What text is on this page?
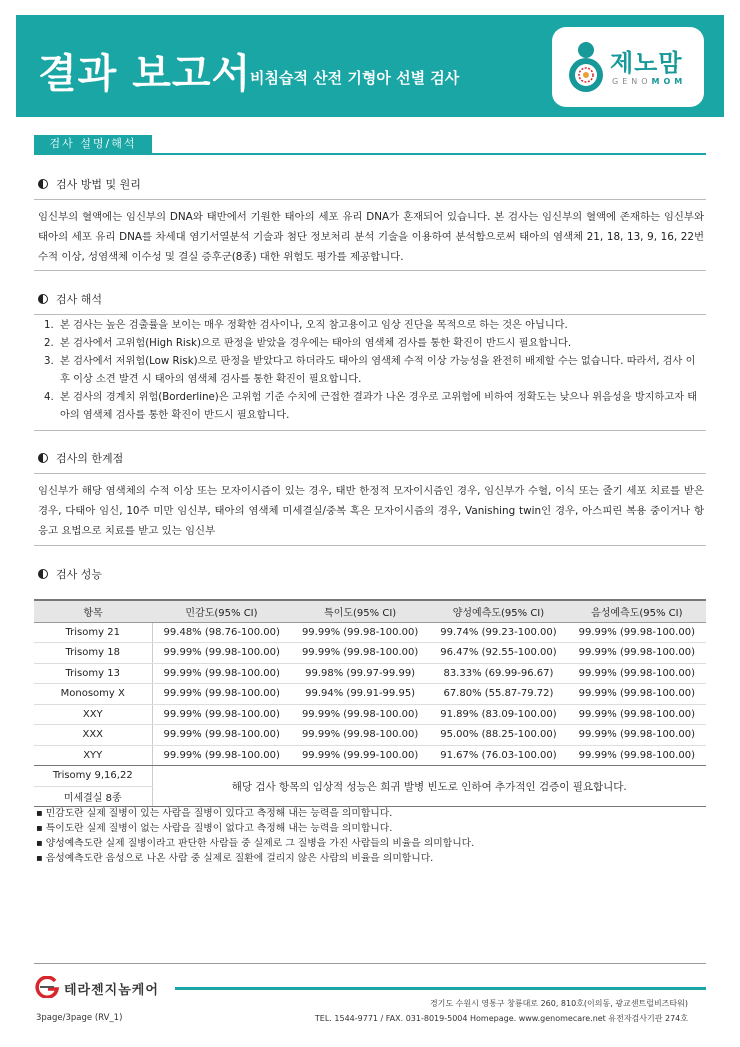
결과 보고서
비침습적 산전 기형아 선별 검사
제노맘
GENOMOM
검사 설명/해석
검사 방법 및 원리
임신부의 혈액에는 임신부의 DNA와 태반에서 기원한 태아의 세포 유리 DNA가 혼재되어 있습니다. 본 검사는 임신부의 혈액에 존재하는 임신부와 태아의 세포 유리 DNA를 차세대 염기서열분석 기술과 첨단 정보처리 분석 기술을 이용하여 분석함으로써 태아의 염색체 21, 18, 13, 9, 16, 22번 수적 이상, 성염색체 이수성 및 결실 증후군(8종) 대한 위험도 평가를 제공합니다.
검사 해석
1. 본 검사는 높은 검출률을 보이는 매우 정확한 검사이나, 오직 참고용이고 임상 진단을 목적으로 하는 것은 아닙니다.
2. 본 검사에서 고위험(High Risk)으로 판정을 받았을 경우에는 태아의 염색체 검사를 통한 확진이 반드시 필요합니다.
3. 본 검사에서 저위험(Low Risk)으로 판정을 받았다고 하더라도 태아의 염색체 수적 이상 가능성을 완전히 배제할 수는 없습니다. 따라서, 검사 이후 이상 소견 발견 시 태아의 염색체 검사를 통한 확진이 필요합니다.
4. 본 검사의 경계치 위험(Borderline)은 고위험 기준 수치에 근접한 결과가 나온 경우로 고위험에 비하여 정확도는 낮으나 위음성을 방지하고자 태아의 염색체 검사를 통한 확진이 반드시 필요합니다.
검사의 한계점
임신부가 해당 염색체의 수적 이상 또는 모자이시즘이 있는 경우, 태반 한정적 모자이시즘인 경우, 임신부가 수혈, 이식 또는 줄기 세포 치료를 받은 경우, 다태아 임신, 10주 미만 임신부, 태아의 염색체 미세결실/중복 혹은 모자이시즘의 경우, Vanishing twin인 경우, 아스피린 복용 중이거나 항 응고 요법으로 치료를 받고 있는 임신부
검사 성능
항목	민감도(95% CI)	특이도(95% CI)	양성예측도(95% CI)	음성예측도(95% CI)
Trisomy 21	99.48% (98.76-100.00)	99.99% (99.98-100.00)	99.74% (99.23-100.00)	99.99% (99.98-100.00)
Trisomy 18	99.99% (99.98-100.00)	99.99% (99.98-100.00)	96.47% (92.55-100.00)	99.99% (99.98-100.00)
Trisomy 13	99.99% (99.98-100.00)	99.98% (99.97-99.99)	83.33% (69.99-96.67)	99.99% (99.98-100.00)
Monosomy X	99.99% (99.98-100.00)	99.94% (99.91-99.95)	67.80% (55.87-79.72)	99.99% (99.98-100.00)
XXY	99.99% (99.98-100.00)	99.99% (99.98-100.00)	91.89% (83.09-100.00)	99.99% (99.98-100.00)
XXX	99.99% (99.98-100.00)	99.99% (99.98-100.00)	95.00% (88.25-100.00)	99.99% (99.98-100.00)
XYY	99.99% (99.98-100.00)	99.99% (99.99-100.00)	91.67% (76.03-100.00)	99.99% (99.98-100.00)
Trisomy 9,16,22	해당 검사 항목의 임상적 성능은 희귀 발병 빈도로 인하여 추가적인 검증이 필요합니다.			
미세결실 8종				
▪ 민감도란 실제 질병이 있는 사람을 질병이 있다고 측정해 내는 능력을 의미합니다.
▪ 특이도란 실제 질병이 없는 사람을 질병이 없다고 측정해 내는 능력을 의미합니다.
▪ 양성예측도란 실제 질병이라고 판단한 사람들 중 실제로 그 질병을 가진 사람들의 비율을 의미합니다.
▪ 음성예측도란 음성으로 나온 사람 중 실제로 질환에 걸리지 않은 사람의 비율을 의미합니다.
테라젠지놈케어
경기도 수원시 영통구 창룡대로 260, 810호(이의동, 광교센트럴비즈타워)
TEL. 1544-9771 / FAX. 031-8019-5004 Homepage. www.genomecare.net 유전자검사기관 274호
3page/3page (RV_1)
